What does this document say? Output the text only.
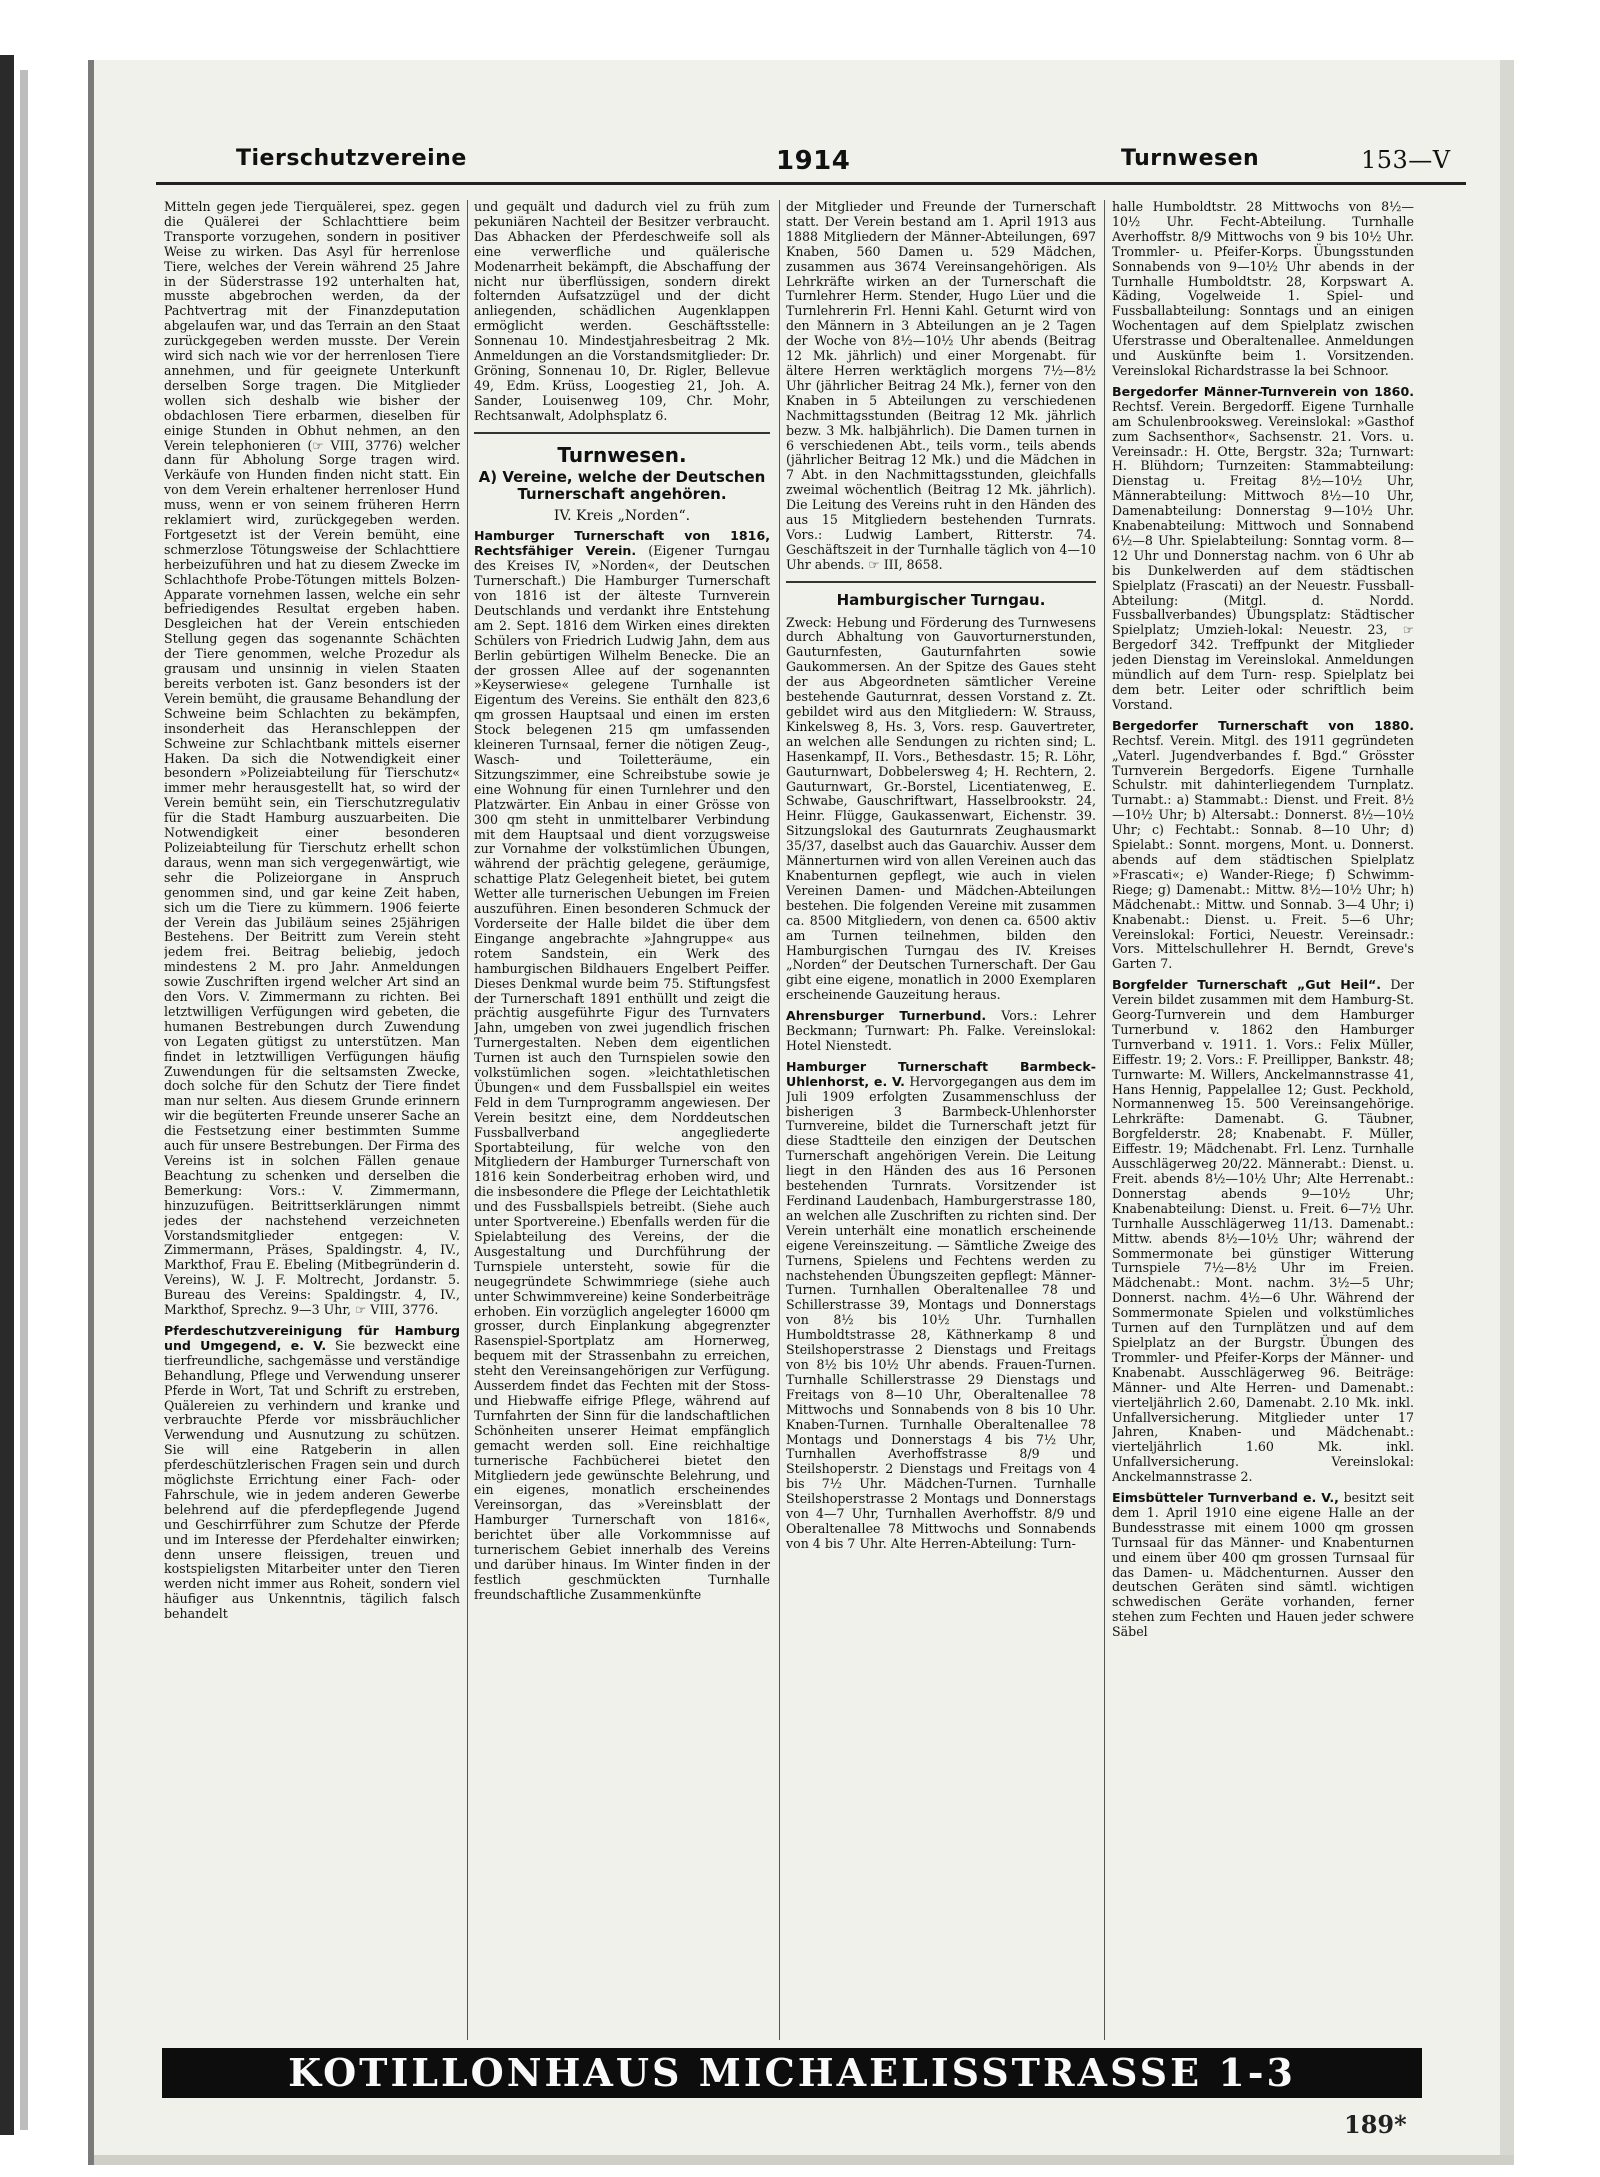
Tierschutzvereine	1914	Turnwesen	153—V

Mitteln gegen jede Tierquälerei, spez. gegen die Quälerei der Schlachttiere beim Transporte vorzugehen, sondern in positiver Weise zu wirken. Das Asyl für herrenlose Tiere, welches der Verein während 25 Jahre in der Süderstrasse 192 unterhalten hat, musste abgebrochen werden, da der Pachtvertrag mit der Finanzdeputation abgelaufen war, und das Terrain an den Staat zurückgegeben werden musste. Der Verein wird sich nach wie vor der herrenlosen Tiere annehmen, und für geeignete Unterkunft derselben Sorge tragen. Die Mitglieder wollen sich deshalb wie bisher der obdachlosen Tiere erbarmen, dieselben für einige Stunden in Obhut nehmen, an den Verein telephonieren (☞ VIII, 3776) welcher dann für Abholung Sorge tragen wird. Verkäufe von Hunden finden nicht statt. Ein von dem Verein erhaltener herrenloser Hund muss, wenn er von seinem früheren Herrn reklamiert wird, zurückgegeben werden. Fortgesetzt ist der Verein bemüht, eine schmerzlose Tötungsweise der Schlachttiere herbeizuführen und hat zu diesem Zwecke im Schlachthofe Probe-Tötungen mittels Bolzen-Apparate vornehmen lassen, welche ein sehr befriedigendes Resultat ergeben haben. Desgleichen hat der Verein entschieden Stellung gegen das sogenannte Schächten der Tiere genommen, welche Prozedur als grausam und unsinnig in vielen Staaten bereits verboten ist. Ganz besonders ist der Verein bemüht, die grausame Behandlung der Schweine beim Schlachten zu bekämpfen, insonderheit das Heranschleppen der Schweine zur Schlachtbank mittels eiserner Haken. Da sich die Notwendigkeit einer besondern »Polizeiabteilung für Tierschutz« immer mehr herausgestellt hat, so wird der Verein bemüht sein, ein Tierschutzregulativ für die Stadt Hamburg auszuarbeiten. Die Notwendigkeit einer besonderen Polizeiabteilung für Tierschutz erhellt schon daraus, wenn man sich vergegenwärtigt, wie sehr die Polizeiorgane in Anspruch genommen sind, und gar keine Zeit haben, sich um die Tiere zu kümmern. 1906 feierte der Verein das Jubiläum seines 25jährigen Bestehens. Der Beitritt zum Verein steht jedem frei. Beitrag beliebig, jedoch mindestens 2 M. pro Jahr. Anmeldungen sowie Zuschriften irgend welcher Art sind an den Vors. V. Zimmermann zu richten. Bei letztwilligen Verfügungen wird gebeten, die humanen Bestrebungen durch Zuwendung von Legaten gütigst zu unterstützen. Man findet in letztwilligen Verfügungen häufig Zuwendungen für die seltsamsten Zwecke, doch solche für den Schutz der Tiere findet man nur selten. Aus diesem Grunde erinnern wir die begüterten Freunde unserer Sache an die Festsetzung einer bestimmten Summe auch für unsere Bestrebungen. Der Firma des Vereins ist in solchen Fällen genaue Beachtung zu schenken und derselben die Bemerkung: Vors.: V. Zimmermann, hinzuzufügen. Beitrittserklärungen nimmt jedes der nachstehend verzeichneten Vorstandsmitglieder entgegen: V. Zimmermann, Präses, Spaldingstr. 4, IV., Markthof, Frau E. Ebeling (Mitbegründerin d. Vereins), W. J. F. Moltrecht, Jordanstr. 5. Bureau des Vereins: Spaldingstr. 4, IV., Markthof, Sprechz. 9—3 Uhr, ☞ VIII, 3776.

Pferdeschutzvereinigung für Hamburg und Umgegend, e. V. Sie bezweckt eine tierfreundliche, sachgemässe und verständige Behandlung, Pflege und Verwendung unserer Pferde in Wort, Tat und Schrift zu erstreben, Quälereien zu verhindern und kranke und verbrauchte Pferde vor missbräuchlicher Verwendung und Ausnutzung zu schützen. Sie will eine Ratgeberin in allen pferdeschützlerischen Fragen sein und durch möglichste Errichtung einer Fach- oder Fahrschule, wie in jedem anderen Gewerbe belehrend auf die pferdepflegende Jugend und Geschirrführer zum Schutze der Pferde und im Interesse der Pferdehalter einwirken; denn unsere fleissigen, treuen und kostspieligsten Mitarbeiter unter den Tieren werden nicht immer aus Roheit, sondern viel häufiger aus Unkenntnis, tägilich falsch behandelt

und gequält und dadurch viel zu früh zum pekuniären Nachteil der Besitzer verbraucht. Das Abhacken der Pferdeschweife soll als eine verwerfliche und quälerische Modenarrheit bekämpft, die Abschaffung der nicht nur überflüssigen, sondern direkt folternden Aufsatzzügel und der dicht anliegenden, schädlichen Augenklappen ermöglicht werden. Geschäftsstelle: Sonnenau 10. Mindestjahresbeitrag 2 Mk. Anmeldungen an die Vorstandsmitglieder: Dr. Gröning, Sonnenau 10, Dr. Rigler, Bellevue 49, Edm. Krüss, Loogestieg 21, Joh. A. Sander, Louisenweg 109, Chr. Mohr, Rechtsanwalt, Adolphsplatz 6.

Turnwesen.

A) Vereine, welche der Deutschen Turnerschaft angehören.

IV. Kreis „Norden“.

Hamburger Turnerschaft von 1816, Rechtsfähiger Verein. (Eigener Turngau des Kreises IV, »Norden«, der Deutschen Turnerschaft.) Die Hamburger Turnerschaft von 1816 ist der älteste Turnverein Deutschlands und verdankt ihre Entstehung am 2. Sept. 1816 dem Wirken eines direkten Schülers von Friedrich Ludwig Jahn, dem aus Berlin gebürtigen Wilhelm Benecke. Die an der grossen Allee auf der sogenannten »Keyserwiese« gelegene Turnhalle ist Eigentum des Vereins. Sie enthält den 823,6 qm grossen Hauptsaal und einen im ersten Stock belegenen 215 qm umfassenden kleineren Turnsaal, ferner die nötigen Zeug-, Wasch- und Toiletteräume, ein Sitzungszimmer, eine Schreibstube sowie je eine Wohnung für einen Turnlehrer und den Platzwärter. Ein Anbau in einer Grösse von 300 qm steht in unmittelbarer Verbindung mit dem Hauptsaal und dient vorzugsweise zur Vornahme der volkstümlichen Übungen, während der prächtig gelegene, geräumige, schattige Platz Gelegenheit bietet, bei gutem Wetter alle turnerischen Uebungen im Freien auszuführen. Einen besonderen Schmuck der Vorderseite der Halle bildet die über dem Eingange angebrachte »Jahngruppe« aus rotem Sandstein, ein Werk des hamburgischen Bildhauers Engelbert Peiffer. Dieses Denkmal wurde beim 75. Stiftungsfest der Turnerschaft 1891 enthüllt und zeigt die prächtig ausgeführte Figur des Turnvaters Jahn, umgeben von zwei jugendlich frischen Turnergestalten. Neben dem eigentlichen Turnen ist auch den Turnspielen sowie den volkstümlichen sogen. »leichtathletischen Übungen« und dem Fussballspiel ein weites Feld in dem Turnprogramm angewiesen. Der Verein besitzt eine, dem Norddeutschen Fussballverband angegliederte Sportabteilung, für welche von den Mitgliedern der Hamburger Turnerschaft von 1816 kein Sonderbeitrag erhoben wird, und die insbesondere die Pflege der Leichtathletik und des Fussballspiels betreibt. (Siehe auch unter Sportvereine.) Ebenfalls werden für die Spielabteilung des Vereins, der die Ausgestaltung und Durchführung der Turnspiele untersteht, sowie für die neugegründete Schwimmriege (siehe auch unter Schwimmvereine) keine Sonderbeiträge erhoben. Ein vorzüglich angelegter 16000 qm grosser, durch Einplankung abgegrenzter Rasenspiel-Sportplatz am Hornerweg, bequem mit der Strassenbahn zu erreichen, steht den Vereinsangehörigen zur Verfügung. Ausserdem findet das Fechten mit der Stoss- und Hiebwaffe eifrige Pflege, während auf Turnfahrten der Sinn für die landschaftlichen Schönheiten unserer Heimat empfänglich gemacht werden soll. Eine reichhaltige turnerische Fachbücherei bietet den Mitgliedern jede gewünschte Belehrung, und ein eigenes, monatlich erscheinendes Vereinsorgan, das »Vereinsblatt der Hamburger Turnerschaft von 1816«, berichtet über alle Vorkommnisse auf turnerischem Gebiet innerhalb des Vereins und darüber hinaus. Im Winter finden in der festlich geschmückten Turnhalle freundschaftliche Zusammenkünfte

der Mitglieder und Freunde der Turnerschaft statt. Der Verein bestand am 1. April 1913 aus 1888 Mitgliedern der Männer-Abteilungen, 697 Knaben, 560 Damen u. 529 Mädchen, zusammen aus 3674 Vereinsangehörigen. Als Lehrkräfte wirken an der Turnerschaft die Turnlehrer Herm. Stender, Hugo Lüer und die Turnlehrerin Frl. Henni Kahl. Geturnt wird von den Männern in 3 Abteilungen an je 2 Tagen der Woche von 8½—10½ Uhr abends (Beitrag 12 Mk. jährlich) und einer Morgenabt. für ältere Herren werktäglich morgens 7½—8½ Uhr (jährlicher Beitrag 24 Mk.), ferner von den Knaben in 5 Abteilungen zu verschiedenen Nachmittagsstunden (Beitrag 12 Mk. jährlich bezw. 3 Mk. halbjährlich). Die Damen turnen in 6 verschiedenen Abt., teils vorm., teils abends (jährlicher Beitrag 12 Mk.) und die Mädchen in 7 Abt. in den Nachmittagsstunden, gleichfalls zweimal wöchentlich (Beitrag 12 Mk. jährlich). Die Leitung des Vereins ruht in den Händen des aus 15 Mitgliedern bestehenden Turnrats. Vors.: Ludwig Lambert, Ritterstr. 74. Geschäftszeit in der Turnhalle täglich von 4—10 Uhr abends. ☞ III, 8658.

Hamburgischer Turngau.

Zweck: Hebung und Förderung des Turnwesens durch Abhaltung von Gauvorturnerstunden, Gauturnfesten, Gauturnfahrten sowie Gaukommersen. An der Spitze des Gaues steht der aus Abgeordneten sämtlicher Vereine bestehende Gauturnrat, dessen Vorstand z. Zt. gebildet wird aus den Mitgliedern: W. Strauss, Kinkelsweg 8, Hs. 3, Vors. resp. Gauvertreter, an welchen alle Sendungen zu richten sind; L. Hasenkampf, II. Vors., Bethesdastr. 15; R. Löhr, Gauturnwart, Dobbelersweg 4; H. Rechtern, 2. Gauturnwart, Gr.-Borstel, Licentiatenweg, E. Schwabe, Gauschriftwart, Hasselbrookstr. 24, Heinr. Flügge, Gaukassenwart, Eichenstr. 39. Sitzungslokal des Gauturnrats Zeughausmarkt 35/37, daselbst auch das Gauarchiv. Ausser dem Männerturnen wird von allen Vereinen auch das Knabenturnen gepflegt, wie auch in vielen Vereinen Damen- und Mädchen-Abteilungen bestehen. Die folgenden Vereine mit zusammen ca. 8500 Mitgliedern, von denen ca. 6500 aktiv am Turnen teilnehmen, bilden den Hamburgischen Turngau des IV. Kreises „Norden“ der Deutschen Turnerschaft. Der Gau gibt eine eigene, monatlich in 2000 Exemplaren erscheinende Gauzeitung heraus.

Ahrensburger Turnerbund. Vors.: Lehrer Beckmann; Turnwart: Ph. Falke. Vereinslokal: Hotel Nienstedt.

Hamburger Turnerschaft Barmbeck-Uhlenhorst, e. V. Hervorgegangen aus dem im Juli 1909 erfolgten Zusammenschluss der bisherigen 3 Barmbeck-Uhlenhorster Turnvereine, bildet die Turnerschaft jetzt für diese Stadtteile den einzigen der Deutschen Turnerschaft angehörigen Verein. Die Leitung liegt in den Händen des aus 16 Personen bestehenden Turnrats. Vorsitzender ist Ferdinand Laudenbach, Hamburgerstrasse 180, an welchen alle Zuschriften zu richten sind. Der Verein unterhält eine monatlich erscheinende eigene Vereinszeitung. — Sämtliche Zweige des Turnens, Spielens und Fechtens werden zu nachstehenden Übungszeiten gepflegt: Männer-Turnen. Turnhallen Oberaltenallee 78 und Schillerstrasse 39, Montags und Donnerstags von 8½ bis 10½ Uhr. Turnhallen Humboldtstrasse 28, Käthnerkamp 8 und Steilshoperstrasse 2 Dienstags und Freitags von 8½ bis 10½ Uhr abends. Frauen-Turnen. Turnhalle Schillerstrasse 29 Dienstags und Freitags von 8—10 Uhr, Oberaltenallee 78 Mittwochs und Sonnabends von 8 bis 10 Uhr. Knaben-Turnen. Turnhalle Oberaltenallee 78 Montags und Donnerstags 4 bis 7½ Uhr, Turnhallen Averhoffstrasse 8/9 und Steilshoperstr. 2 Dienstags und Freitags von 4 bis 7½ Uhr. Mädchen-Turnen. Turnhalle Steilshoperstrasse 2 Montags und Donnerstags von 4—7 Uhr, Turnhallen Averhoffstr. 8/9 und Oberaltenallee 78 Mittwochs und Sonnabends von 4 bis 7 Uhr. Alte Herren-Abteilung: Turn-

halle Humboldtstr. 28 Mittwochs von 8½—10½ Uhr. Fecht-Abteilung. Turnhalle Averhoffstr. 8/9 Mittwochs von 9 bis 10½ Uhr. Trommler- u. Pfeifer-Korps. Übungsstunden Sonnabends von 9—10½ Uhr abends in der Turnhalle Humboldtstr. 28, Korpswart A. Käding, Vogelweide 1. Spiel- und Fussballabteilung: Sonntags und an einigen Wochentagen auf dem Spielplatz zwischen Uferstrasse und Oberaltenallee. Anmeldungen und Auskünfte beim 1. Vorsitzenden. Vereinslokal Richardstrasse la bei Schnoor.

Bergedorfer Männer-Turnverein von 1860. Rechtsf. Verein. Bergedorff. Eigene Turnhalle am Schulenbrooksweg. Vereinslokal: »Gasthof zum Sachsenthor«, Sachsenstr. 21. Vors. u. Vereinsadr.: H. Otte, Bergstr. 32a; Turnwart: H. Blühdorn; Turnzeiten: Stammabteilung: Dienstag u. Freitag 8½—10½ Uhr, Männerabteilung: Mittwoch 8½—10 Uhr, Damenabteilung: Donnerstag 9—10½ Uhr. Knabenabteilung: Mittwoch und Sonnabend 6½—8 Uhr. Spielabteilung: Sonntag vorm. 8—12 Uhr und Donnerstag nachm. von 6 Uhr ab bis Dunkelwerden auf dem städtischen Spielplatz (Frascati) an der Neuestr. Fussball-Abteilung: (Mitgl. d. Nordd. Fussballverbandes) Übungsplatz: Städtischer Spielplatz; Umzieh-lokal: Neuestr. 23, ☞ Bergedorf 342. Treffpunkt der Mitglieder jeden Dienstag im Vereinslokal. Anmeldungen mündlich auf dem Turn- resp. Spielplatz bei dem betr. Leiter oder schriftlich beim Vorstand.

Bergedorfer Turnerschaft von 1880. Rechtsf. Verein. Mitgl. des 1911 gegründeten „Vaterl. Jugendverbandes f. Bgd.“ Grösster Turnverein Bergedorfs. Eigene Turnhalle Schulstr. mit dahinterliegendem Turnplatz. Turnabt.: a) Stammabt.: Dienst. und Freit. 8½—10½ Uhr; b) Altersabt.: Donnerst. 8½—10½ Uhr; c) Fechtabt.: Sonnab. 8—10 Uhr; d) Spielabt.: Sonnt. morgens, Mont. u. Donnerst. abends auf dem städtischen Spielplatz »Frascati«; e) Wander-Riege; f) Schwimm-Riege; g) Damenabt.: Mittw. 8½—10½ Uhr; h) Mädchenabt.: Mittw. und Sonnab. 3—4 Uhr; i) Knabenabt.: Dienst. u. Freit. 5—6 Uhr; Vereinslokal: Fortici, Neuestr. Vereinsadr.: Vors. Mittelschullehrer H. Berndt, Greve's Garten 7.

Borgfelder Turnerschaft „Gut Heil“. Der Verein bildet zusammen mit dem Hamburg-St. Georg-Turnverein und dem Hamburger Turnerbund v. 1862 den Hamburger Turnverband v. 1911. 1. Vors.: Felix Müller, Eiffestr. 19; 2. Vors.: F. Preillipper, Bankstr. 48; Turnwarte: M. Willers, Anckelmannstrasse 41, Hans Hennig, Pappelallee 12; Gust. Peckhold, Normannenweg 15. 500 Vereinsangehörige. Lehrkräfte: Damenabt. G. Täubner, Borgfelderstr. 28; Knabenabt. F. Müller, Eiffestr. 19; Mädchenabt. Frl. Lenz. Turnhalle Ausschlägerweg 20/22. Männerabt.: Dienst. u. Freit. abends 8½—10½ Uhr; Alte Herrenabt.: Donnerstag abends 9—10½ Uhr; Knabenabteilung: Dienst. u. Freit. 6—7½ Uhr. Turnhalle Ausschlägerweg 11/13. Damenabt.: Mittw. abends 8½—10½ Uhr; während der Sommermonate bei günstiger Witterung Turnspiele 7½—8½ Uhr im Freien. Mädchenabt.: Mont. nachm. 3½—5 Uhr; Donnerst. nachm. 4½—6 Uhr. Während der Sommermonate Spielen und volkstümliches Turnen auf den Turnplätzen und auf dem Spielplatz an der Burgstr. Übungen des Trommler- und Pfeifer-Korps der Männer- und Knabenabt. Ausschlägerweg 96. Beiträge: Männer- und Alte Herren- und Damenabt.: vierteljährlich 2.60, Damenabt. 2.10 Mk. inkl. Unfallversicherung. Mitglieder unter 17 Jahren, Knaben- und Mädchenabt.: vierteljährlich 1.60 Mk. inkl. Unfallversicherung. Vereinslokal: Anckelmannstrasse 2.

Eimsbütteler Turnverband e. V., besitzt seit dem 1. April 1910 eine eigene Halle an der Bundesstrasse mit einem 1000 qm grossen Turnsaal für das Männer- und Knabenturnen und einem über 400 qm grossen Turnsaal für das Damen- u. Mädchenturnen. Ausser den deutschen Geräten sind sämtl. wichtigen schwedischen Geräte vorhanden, ferner stehen zum Fechten und Hauen jeder schwere Säbel

KOTILLONHAUS MICHAELISSTRASSE 1-3
189*
